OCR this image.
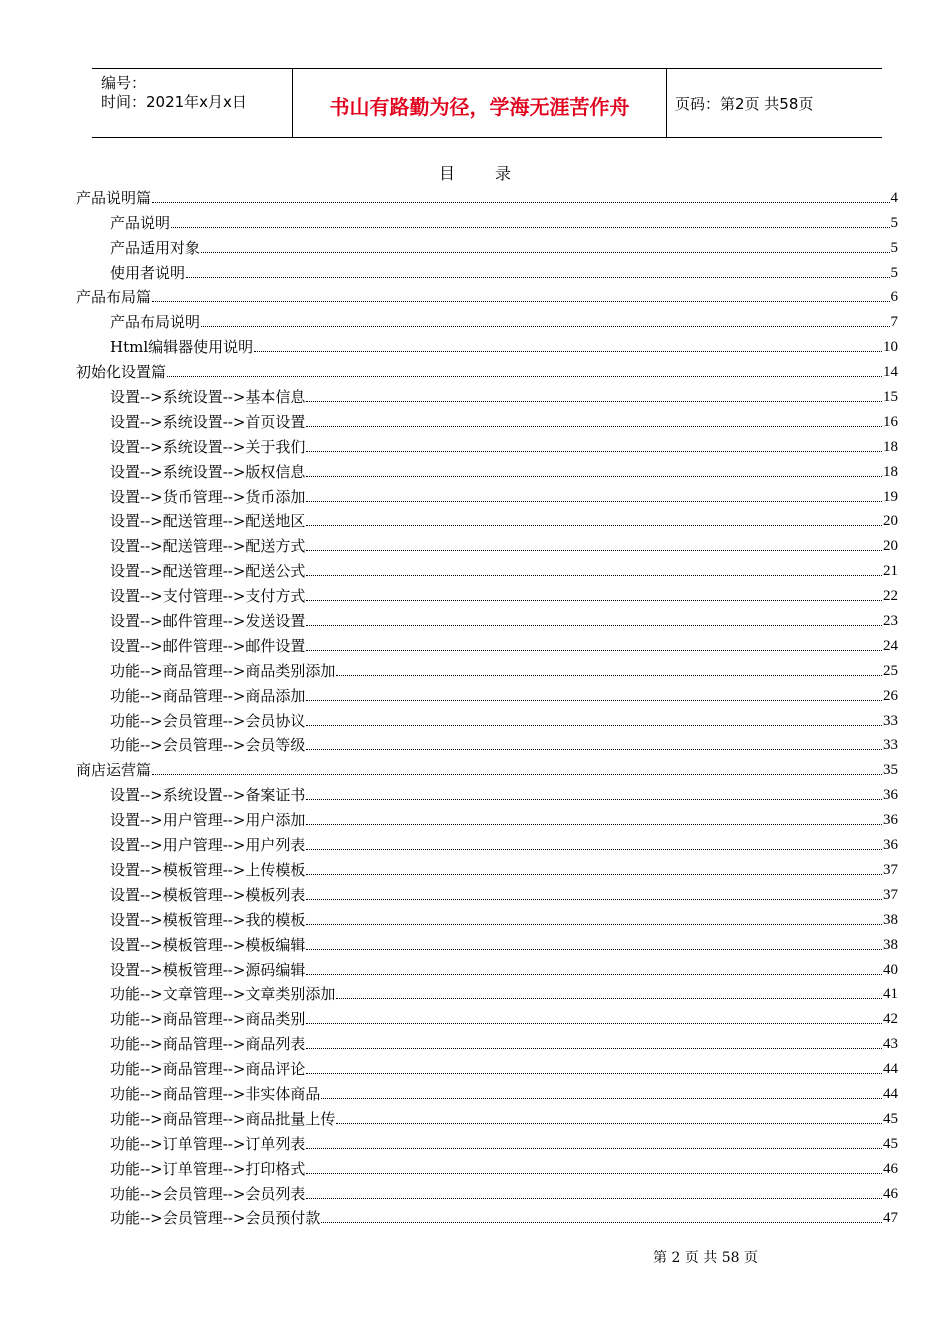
编号：
时间：2021年x月x日	书山有路勤为径，学海无涯苦作舟	页码：第2页 共58页
目	录
产品说明篇	4
产品说明	5
产品适用对象	5
使用者说明	5
产品布局篇	6
产品布局说明	7
Html编辑器使用说明	10
初始化设置篇	14
设置-->系统设置-->基本信息	15
设置-->系统设置-->首页设置	16
设置-->系统设置-->关于我们	18
设置-->系统设置-->版权信息	18
设置-->货币管理-->货币添加	19
设置-->配送管理-->配送地区	20
设置-->配送管理-->配送方式	20
设置-->配送管理-->配送公式	21
设置-->支付管理-->支付方式	22
设置-->邮件管理-->发送设置	23
设置-->邮件管理-->邮件设置	24
功能-->商品管理-->商品类别添加	25
功能-->商品管理-->商品添加	26
功能-->会员管理-->会员协议	33
功能-->会员管理-->会员等级	33
商店运营篇	35
设置-->系统设置-->备案证书	36
设置-->用户管理-->用户添加	36
设置-->用户管理-->用户列表	36
设置-->模板管理-->上传模板	37
设置-->模板管理-->模板列表	37
设置-->模板管理-->我的模板	38
设置-->模板管理-->模板编辑	38
设置-->模板管理-->源码编辑	40
功能-->文章管理-->文章类别添加	41
功能-->商品管理-->商品类别	42
功能-->商品管理-->商品列表	43
功能-->商品管理-->商品评论	44
功能-->商品管理-->非实体商品	44
功能-->商品管理-->商品批量上传	45
功能-->订单管理-->订单列表	45
功能-->订单管理-->打印格式	46
功能-->会员管理-->会员列表	46
功能-->会员管理-->会员预付款	47
第 2 页 共 58 页
